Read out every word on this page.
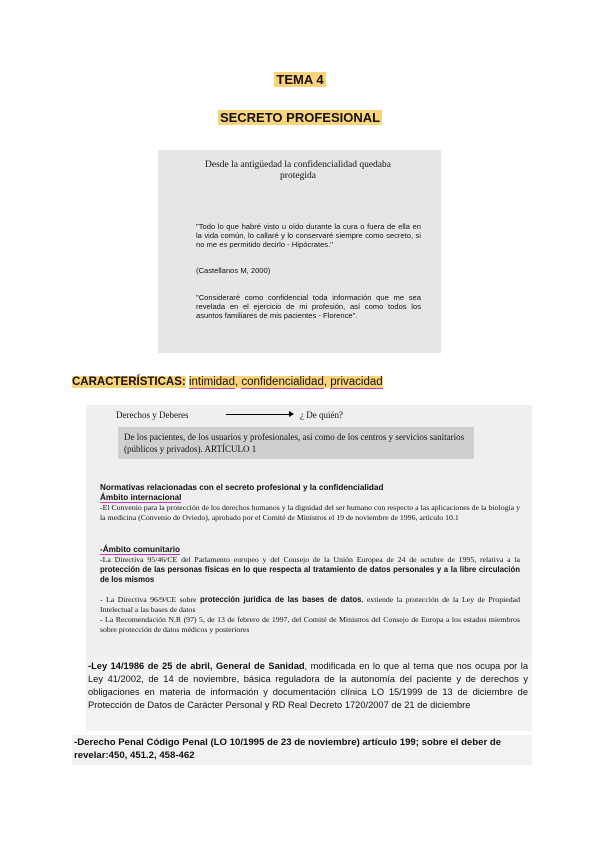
TEMA 4
SECRETO PROFESIONAL
Desde la antigüedad la confidencialidad quedaba protegida
"Todo lo que habré visto u oído durante la cura o fuera de ella en la vida común, lo callaré y lo conservaré siempre como secreto, si no me es permitido decirlo - Hipócrates."
(Castellanos M, 2000)
"Consideraré como confidencial toda información que me sea revelada en el ejercicio de mi profesión, así como todos los asuntos familiares de mis pacientes - Florence".
CARACTERÍSTICAS: intimidad, confidencialidad, privacidad
Derechos y Deberes	¿ De quién?
De los pacientes, de los usuarios y profesionales, así como de los centros y servicios sanitarios (públicos y privados). ARTÍCULO 1
Normativas relacionadas con el secreto profesional y la confidencialidad
Ámbito internacional
-El Convenio para la protección de los derechos humanos y la dignidad del ser humano con respecto a las aplicaciones de la biología y la medicina (Convenio de Oviedo), aprobado por el Comité de Ministros el 19 de noviembre de 1996, artículo 10.1
-Ámbito comunitario
-La Directiva 95/46/CE del Parlamento europeo y del Consejo de la Unión Europea de 24 de octubre de 1995, relativa a la protección de las personas físicas en lo que respecta al tratamiento de datos personales y a la libre circulación de los mismos
- La Directiva 96/9/CE sobre protección jurídica de las bases de datos, extiende la protección de la Ley de Propiedad Intelectual a las bases de datos
- La Recomendación N.R (97) 5, de 13 de febrero de 1997, del Comité de Ministros del Consejo de Europa a los estados miembros sobre protección de datos médicos y posteriores
-Ley 14/1986 de 25 de abril, General de Sanidad, modificada en lo que al tema que nos ocupa por la Ley 41/2002, de 14 de noviembre, básica reguladora de la autonomía del paciente y de derechos y obligaciones en materia de información y documentación clínica LO 15/1999 de 13 de diciembre de Protección de Datos de Carácter Personal y RD Real Decreto 1720/2007 de 21 de diciembre
-Derecho Penal Código Penal (LO 10/1995 de 23 de noviembre) artículo 199; sobre el deber de revelar:450, 451.2, 458-462
